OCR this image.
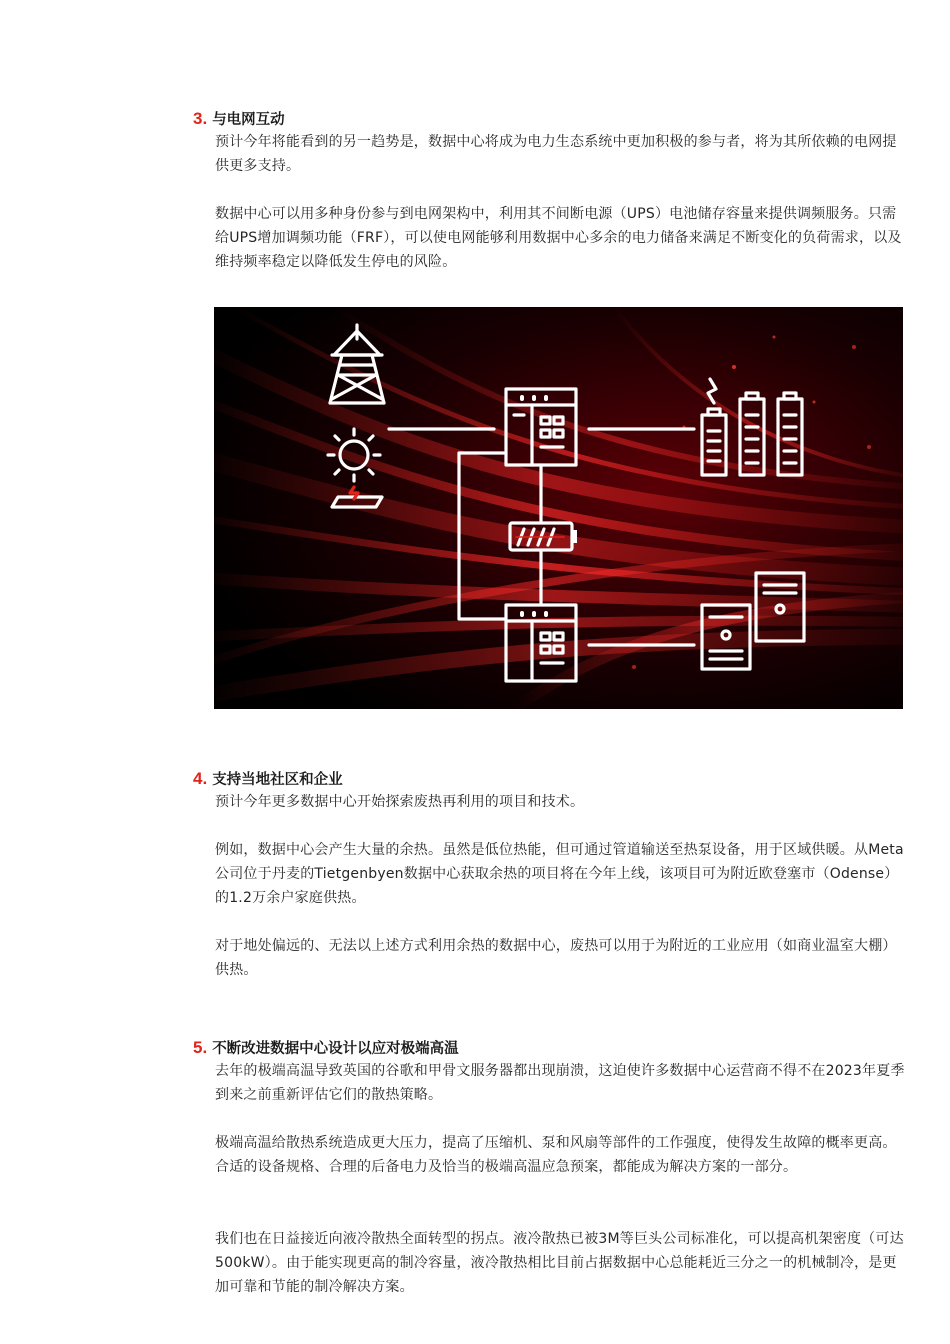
3. 与电网互动

预计今年将能看到的另一趋势是，数据中心将成为电力生态系统中更加积极的参与者，将为其所依赖的电网提供更多支持。

数据中心可以用多种身份参与到电网架构中，利用其不间断电源（UPS）电池储存容量来提供调频服务。只需给UPS增加调频功能（FRF），可以使电网能够利用数据中心多余的电力储备来满足不断变化的负荷需求，以及维持频率稳定以降低发生停电的风险。

4. 支持当地社区和企业

预计今年更多数据中心开始探索废热再利用的项目和技术。

例如，数据中心会产生大量的余热。虽然是低位热能，但可通过管道输送至热泵设备，用于区域供暖。从Meta公司位于丹麦的Tietgenbyen数据中心获取余热的项目将在今年上线，该项目可为附近欧登塞市（Odense）的1.2万余户家庭供热。

对于地处偏远的、无法以上述方式利用余热的数据中心，废热可以用于为附近的工业应用（如商业温室大棚）供热。

5. 不断改进数据中心设计以应对极端高温

去年的极端高温导致英国的谷歌和甲骨文服务器都出现崩溃，这迫使许多数据中心运营商不得不在2023年夏季到来之前重新评估它们的散热策略。

极端高温给散热系统造成更大压力，提高了压缩机、泵和风扇等部件的工作强度，使得发生故障的概率更高。合适的设备规格、合理的后备电力及恰当的极端高温应急预案，都能成为解决方案的一部分。

我们也在日益接近向液冷散热全面转型的拐点。液冷散热已被3M等巨头公司标准化，可以提高机架密度（可达500kW）。由于能实现更高的制冷容量，液冷散热相比目前占据数据中心总能耗近三分之一的机械制冷，是更加可靠和节能的制冷解决方案。
